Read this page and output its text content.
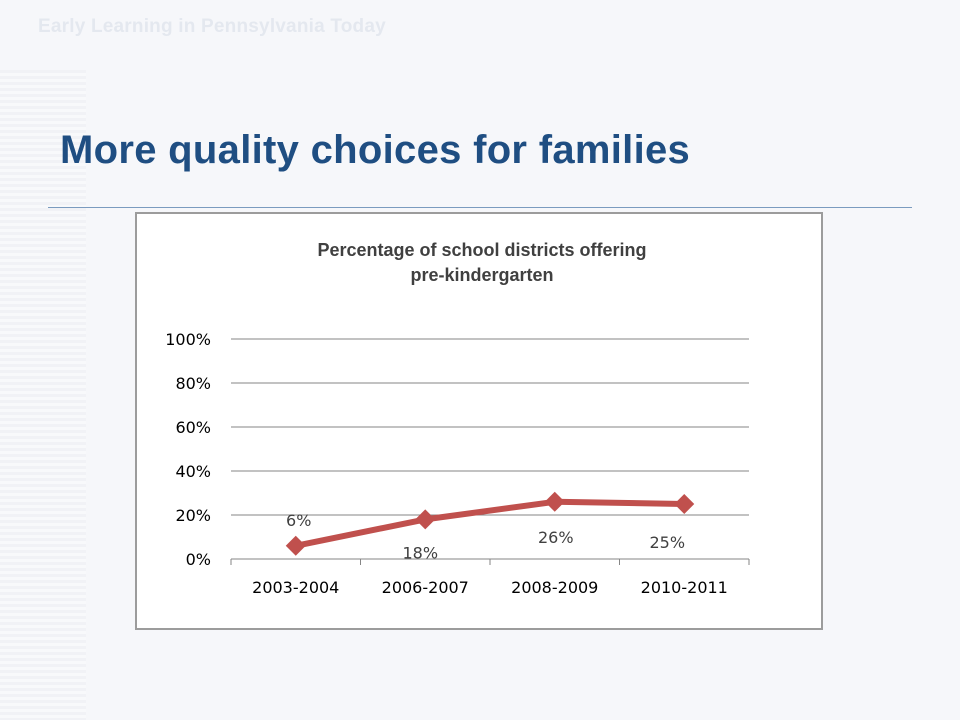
Early Learning in Pennsylvania Today
More quality choices for families
Percentage of school districts offering
pre-kindergarten
0%
20%
40%
60%
80%
100%
2003-2004	2006-2007	2008-2009	2010-2011
6%
18%
26%	25%
